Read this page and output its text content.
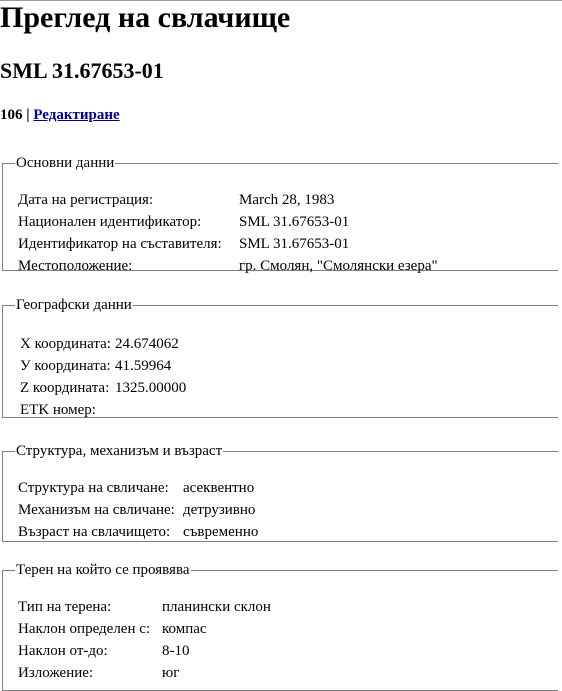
Преглед на свлачище
SML 31.67653-01
106 | Редактиране
Основни данни
Дата на регистрация:	March 28, 1983
Национален идентификатор:	SML 31.67653-01
Идентификатор на съставителя:	SML 31.67653-01
Местоположение:	гр. Смолян, "Смолянски езера"
Географски данни
X координата:	24.674062
У координата:	41.59964
Z координата:	1325.00000
ETK номер:	
Структура, механизъм и възраст
Структура на свличане:	асеквентно
Механизъм на свличане:	детрузивно
Възраст на свлачището:	съвременно
Терен на който се проявява
Тип на терена:	планински склон
Наклон определен с:	компас
Наклон от-до:	8-10
Изложение:	юг
